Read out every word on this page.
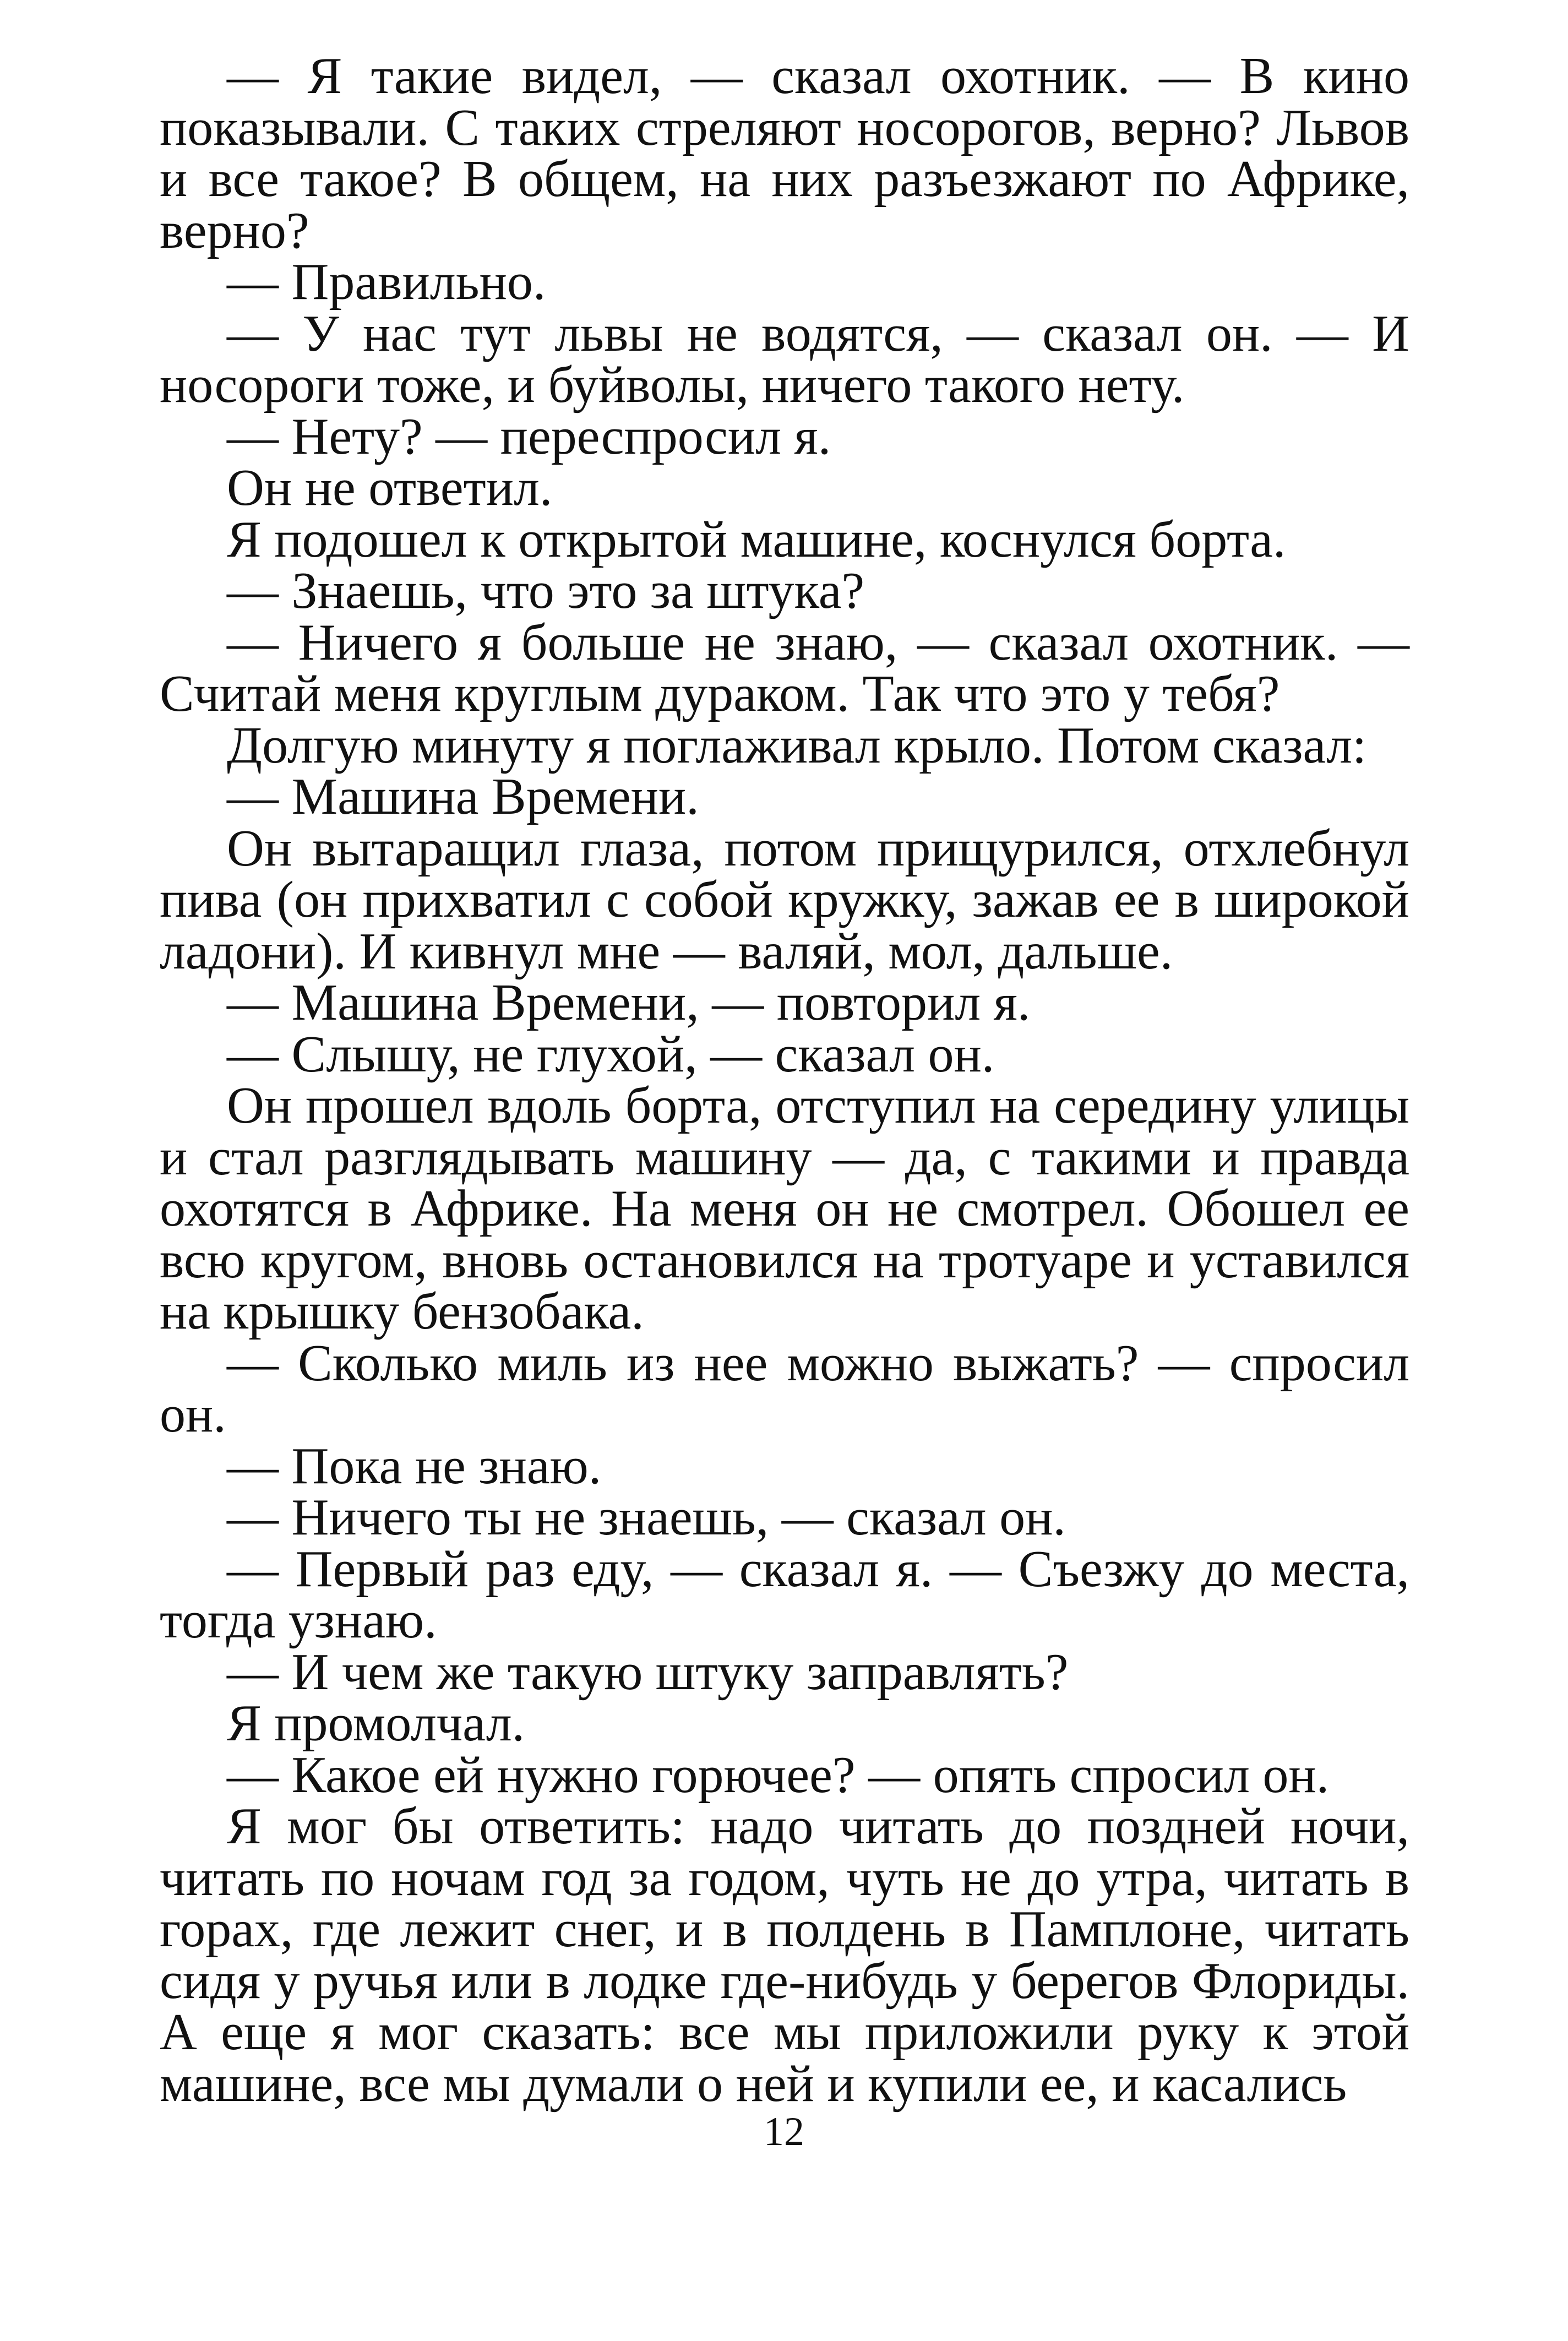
— Я такие видел, — сказал охотник. — В кино показывали. С таких стреляют носорогов, верно? Львов и все такое? В общем, на них разъезжают по Африке, верно?

— Правильно.

— У нас тут львы не водятся, — сказал он. — И носороги тоже, и буйволы, ничего такого нету.

— Нету? — переспросил я.

Он не ответил.

Я подошел к открытой машине, коснулся борта.

— Знаешь, что это за штука?

— Ничего я больше не знаю, — сказал охотник. — Считай меня круглым дураком. Так что это у тебя?

Долгую минуту я поглаживал крыло. Потом сказал:

— Машина Времени.

Он вытаращил глаза, потом прищурился, отхлебнул пива (он прихватил с собой кружку, зажав ее в широкой ладони). И кивнул мне — валяй, мол, дальше.

— Машина Времени, — повторил я.

— Слышу, не глухой, — сказал он.

Он прошел вдоль борта, отступил на середину улицы и стал разглядывать машину — да, с такими и правда охотятся в Африке. На меня он не смотрел. Обошел ее всю кругом, вновь остановился на тротуаре и уставился на крышку бензобака.

— Сколько миль из нее можно выжать? — спросил он.

— Пока не знаю.

— Ничего ты не знаешь, — сказал он.

— Первый раз еду, — сказал я. — Съезжу до места, тогда узнаю.

— И чем же такую штуку заправлять?

Я промолчал.

— Какое ей нужно горючее? — опять спросил он.

Я мог бы ответить: надо читать до поздней ночи, читать по ночам год за годом, чуть не до утра, читать в горах, где лежит снег, и в полдень в Памплоне, читать сидя у ручья или в лодке где-нибудь у берегов Флориды. А еще я мог сказать: все мы приложили руку к этой машине, все мы думали о ней и купили ее, и касались

12
